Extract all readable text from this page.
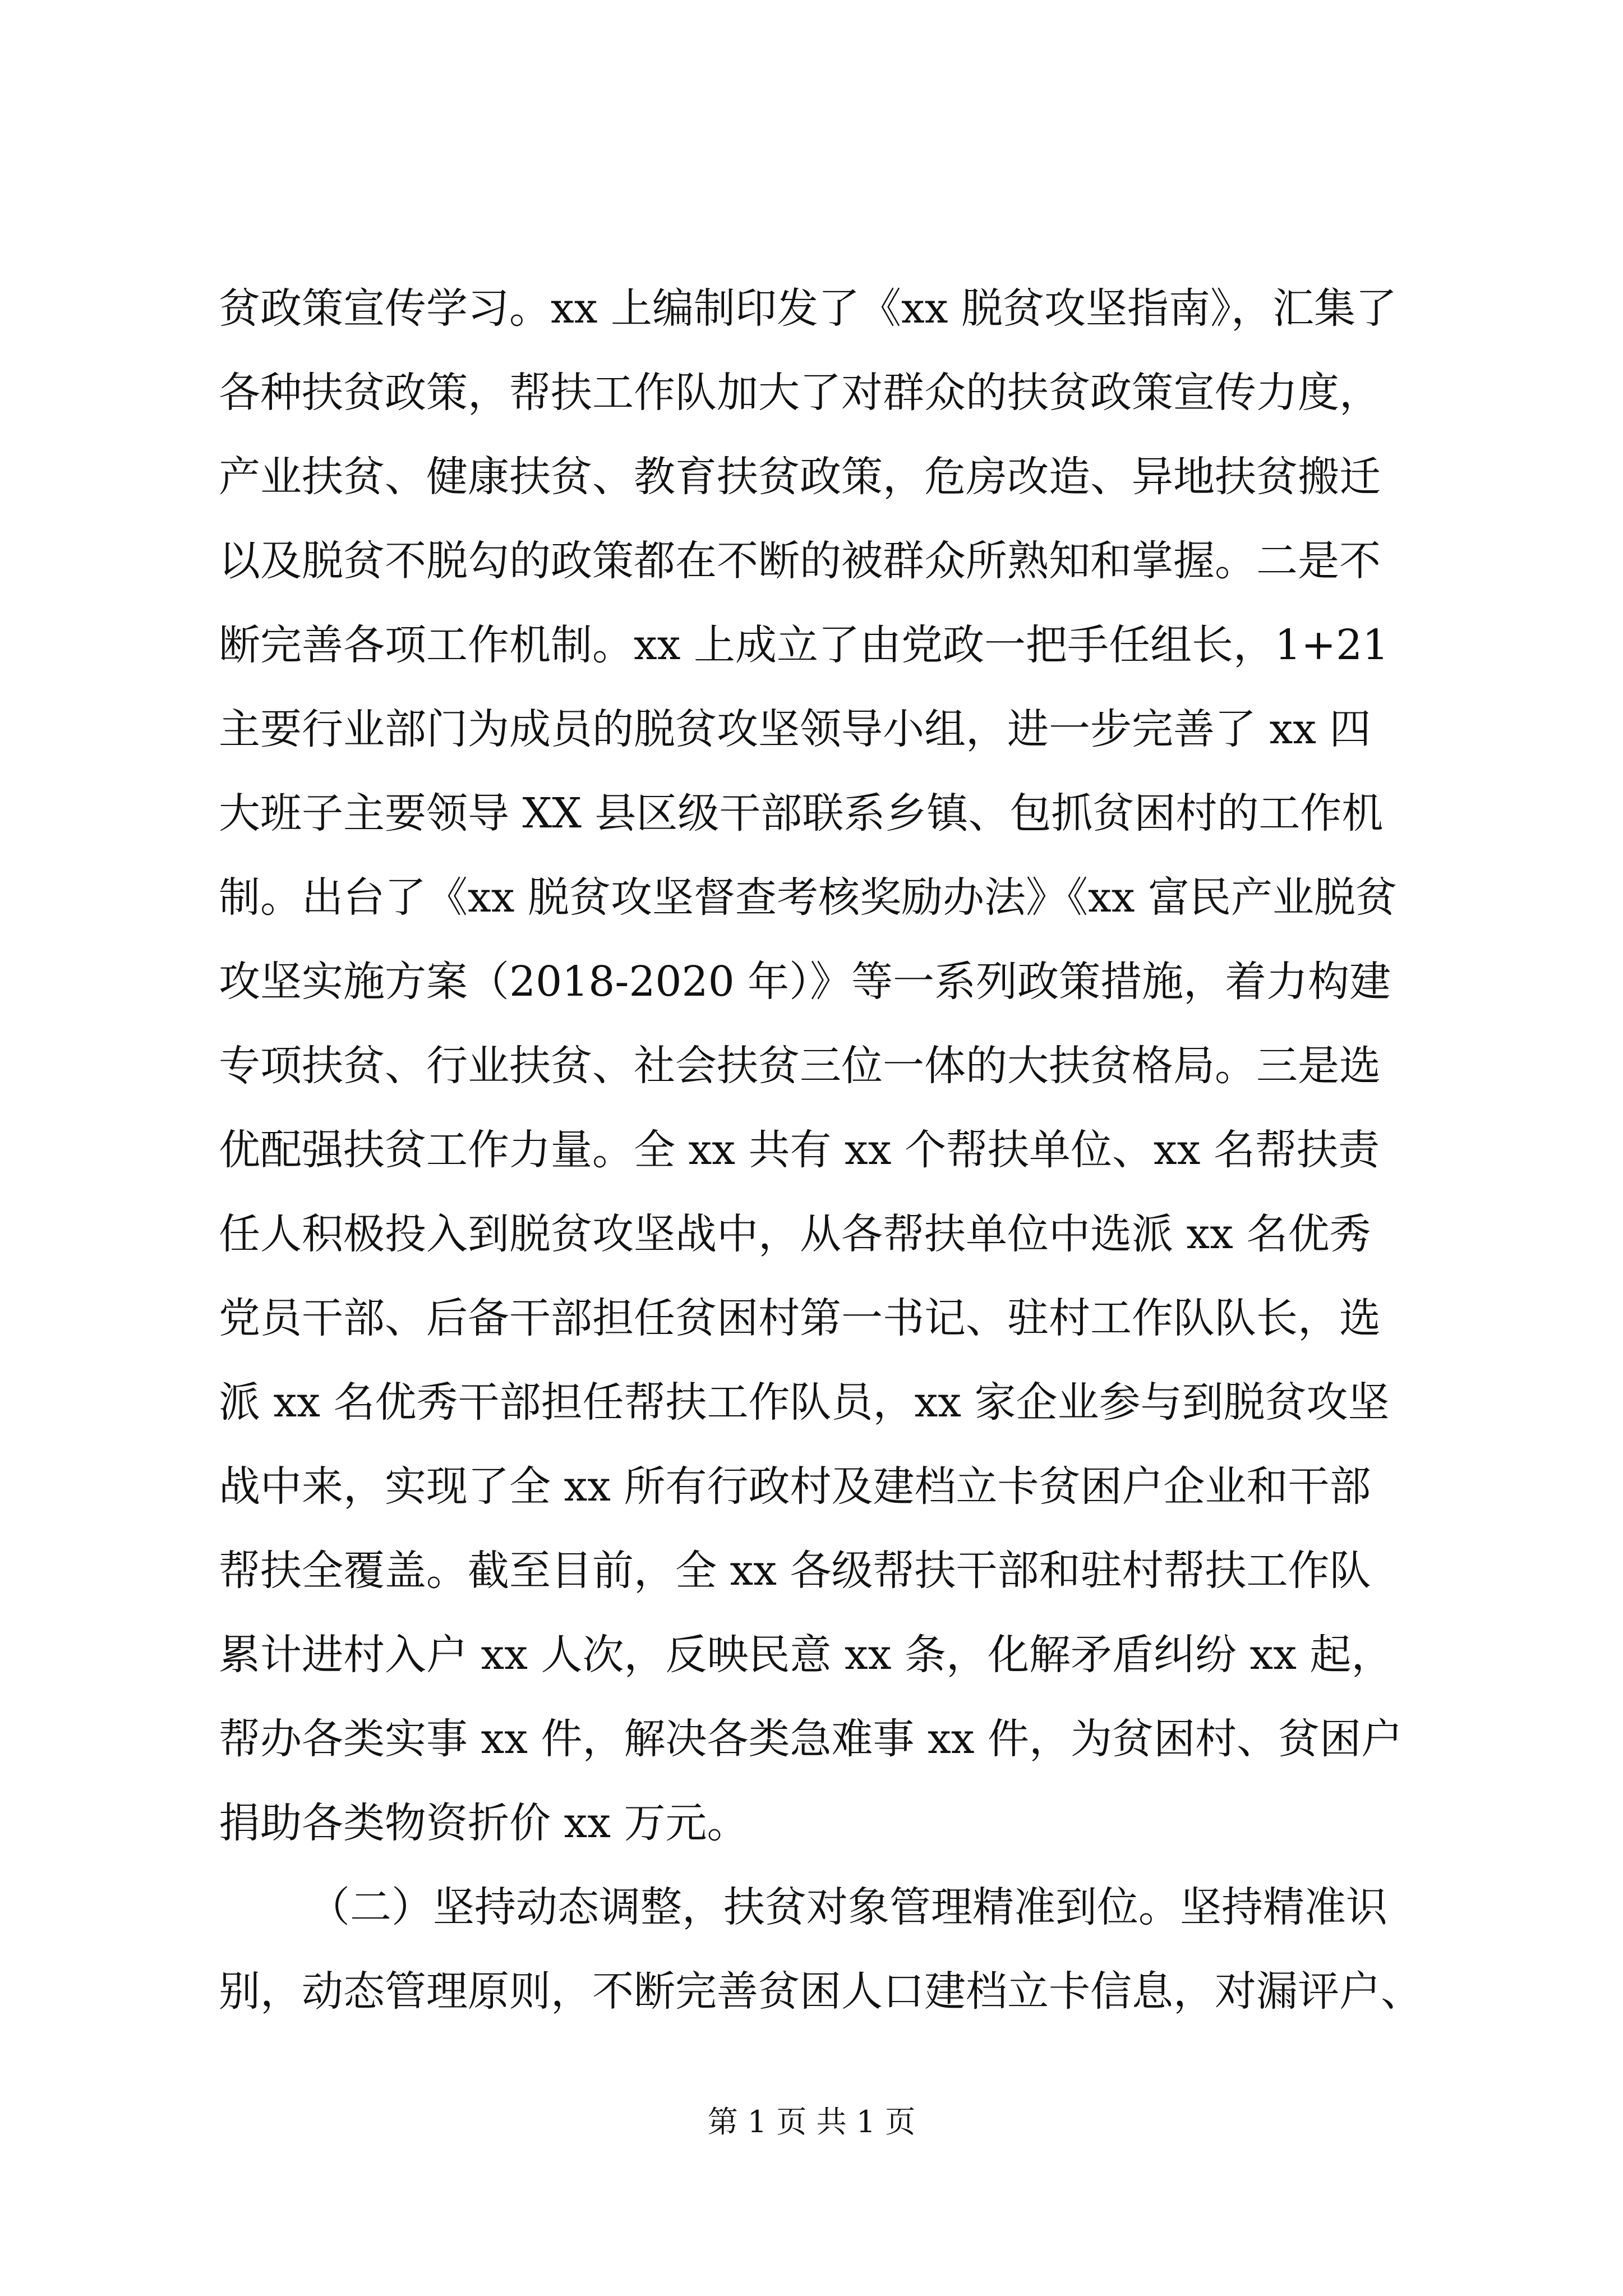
贫政策宣传学习。xx 上编制印发了《xx 脱贫攻坚指南》，汇集了
各种扶贫政策，帮扶工作队加大了对群众的扶贫政策宣传力度，
产业扶贫、健康扶贫、教育扶贫政策，危房改造、异地扶贫搬迁
以及脱贫不脱勾的政策都在不断的被群众所熟知和掌握。二是不
断完善各项工作机制。xx 上成立了由党政一把手任组长，1+21
主要行业部门为成员的脱贫攻坚领导小组，进一步完善了 xx 四
大班子主要领导 XX 县区级干部联系乡镇、包抓贫困村的工作机
制。出台了《xx 脱贫攻坚督查考核奖励办法》《xx 富民产业脱贫
攻坚实施方案（2018-2020 年）》等一系列政策措施，着力构建
专项扶贫、行业扶贫、社会扶贫三位一体的大扶贫格局。三是选
优配强扶贫工作力量。全 xx 共有 xx 个帮扶单位、xx 名帮扶责
任人积极投入到脱贫攻坚战中，从各帮扶单位中选派 xx 名优秀
党员干部、后备干部担任贫困村第一书记、驻村工作队队长，选
派 xx 名优秀干部担任帮扶工作队员，xx 家企业参与到脱贫攻坚
战中来，实现了全 xx 所有行政村及建档立卡贫困户企业和干部
帮扶全覆盖。截至目前，全 xx 各级帮扶干部和驻村帮扶工作队
累计进村入户 xx 人次，反映民意 xx 条，化解矛盾纠纷 xx 起，
帮办各类实事 xx 件，解决各类急难事 xx 件，为贫困村、贫困户
捐助各类物资折价 xx 万元。
（二）坚持动态调整，扶贫对象管理精准到位。坚持精准识
别，动态管理原则，不断完善贫困人口建档立卡信息，对漏评户、
第 1 页 共 1 页
